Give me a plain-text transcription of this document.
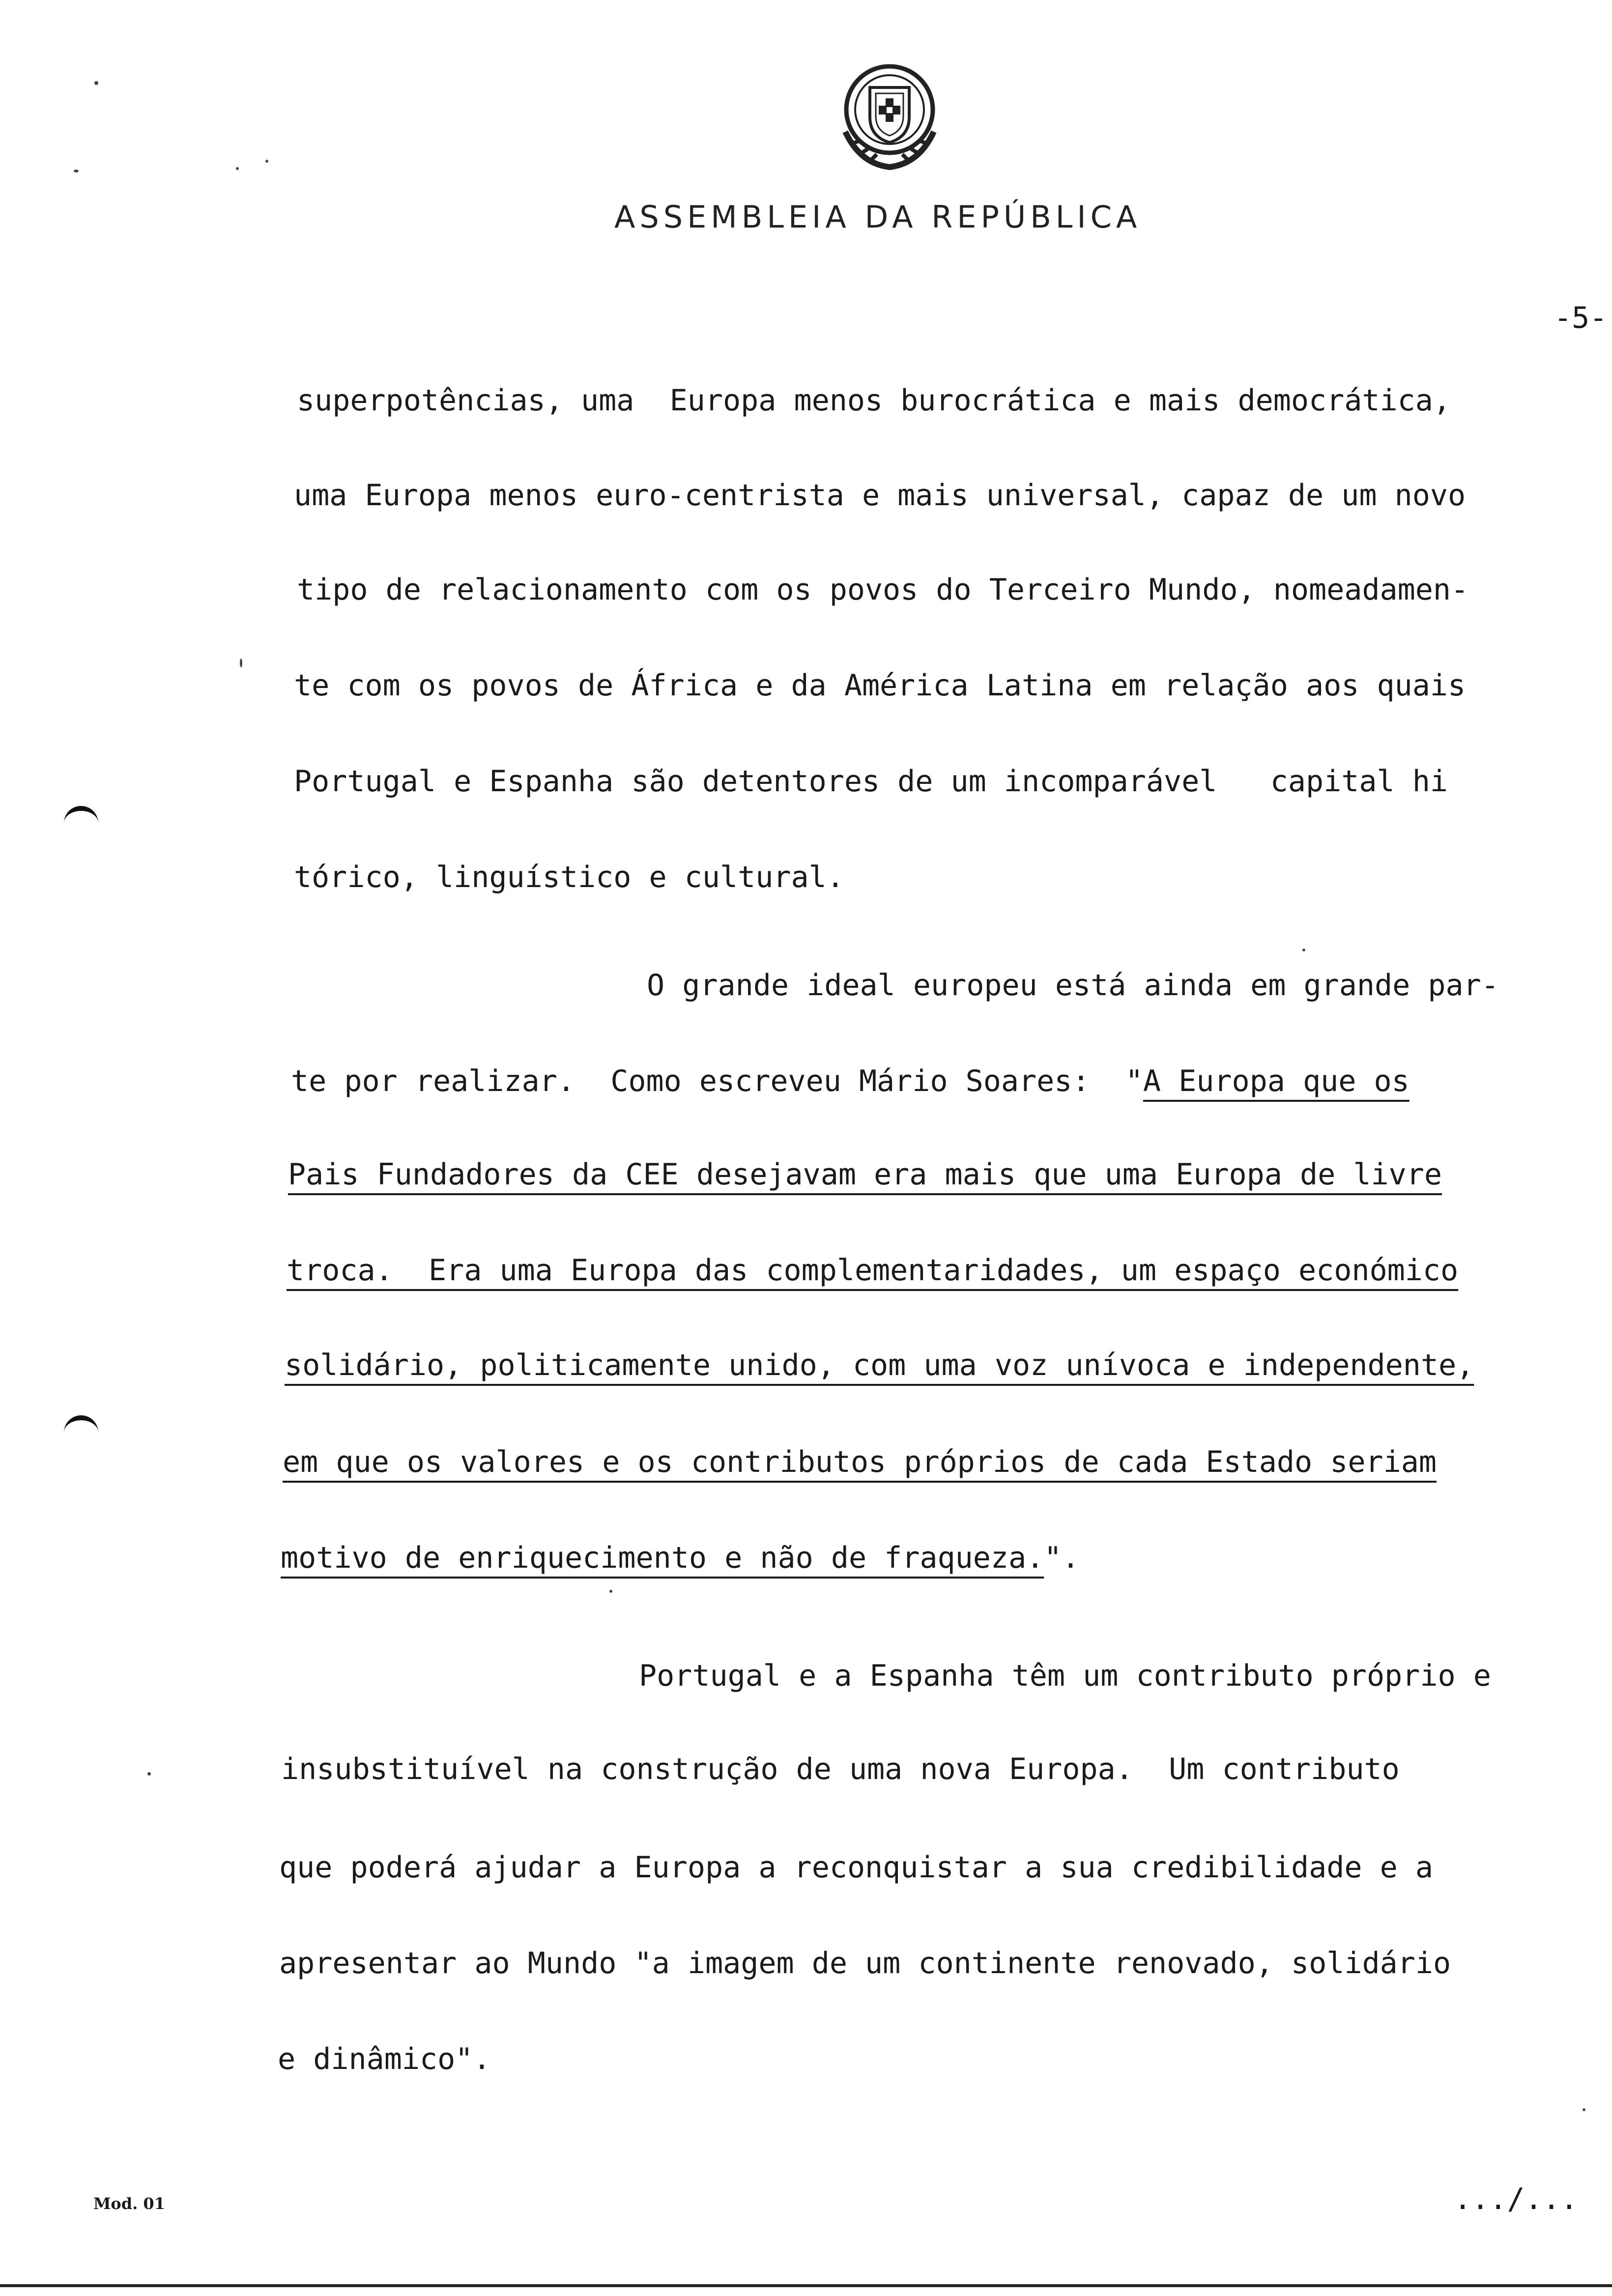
ASSEMBLEIA DA REPÚBLICA
-5-
superpotências, uma  Europa menos burocrática e mais democrática,
uma Europa menos euro-centrista e mais universal, capaz de um novo
tipo de relacionamento com os povos do Terceiro Mundo, nomeadamen-
te com os povos de África e da América Latina em relação aos quais
Portugal e Espanha são detentores de um incomparável   capital hi
tórico, linguístico e cultural.
O grande ideal europeu está ainda em grande par-
te por realizar.  Como escreveu Mário Soares:  "A Europa que os
Pais Fundadores da CEE desejavam era mais que uma Europa de livre
troca.  Era uma Europa das complementaridades, um espaço económico
solidário, politicamente unido, com uma voz unívoca e independente,
em que os valores e os contributos próprios de cada Estado seriam
motivo de enriquecimento e não de fraqueza.".
Portugal e a Espanha têm um contributo próprio e
insubstituível na construção de uma nova Europa.  Um contributo
que poderá ajudar a Europa a reconquistar a sua credibilidade e a
apresentar ao Mundo "a imagem de um continente renovado, solidário
e dinâmico".
Mod. 01	.../...
